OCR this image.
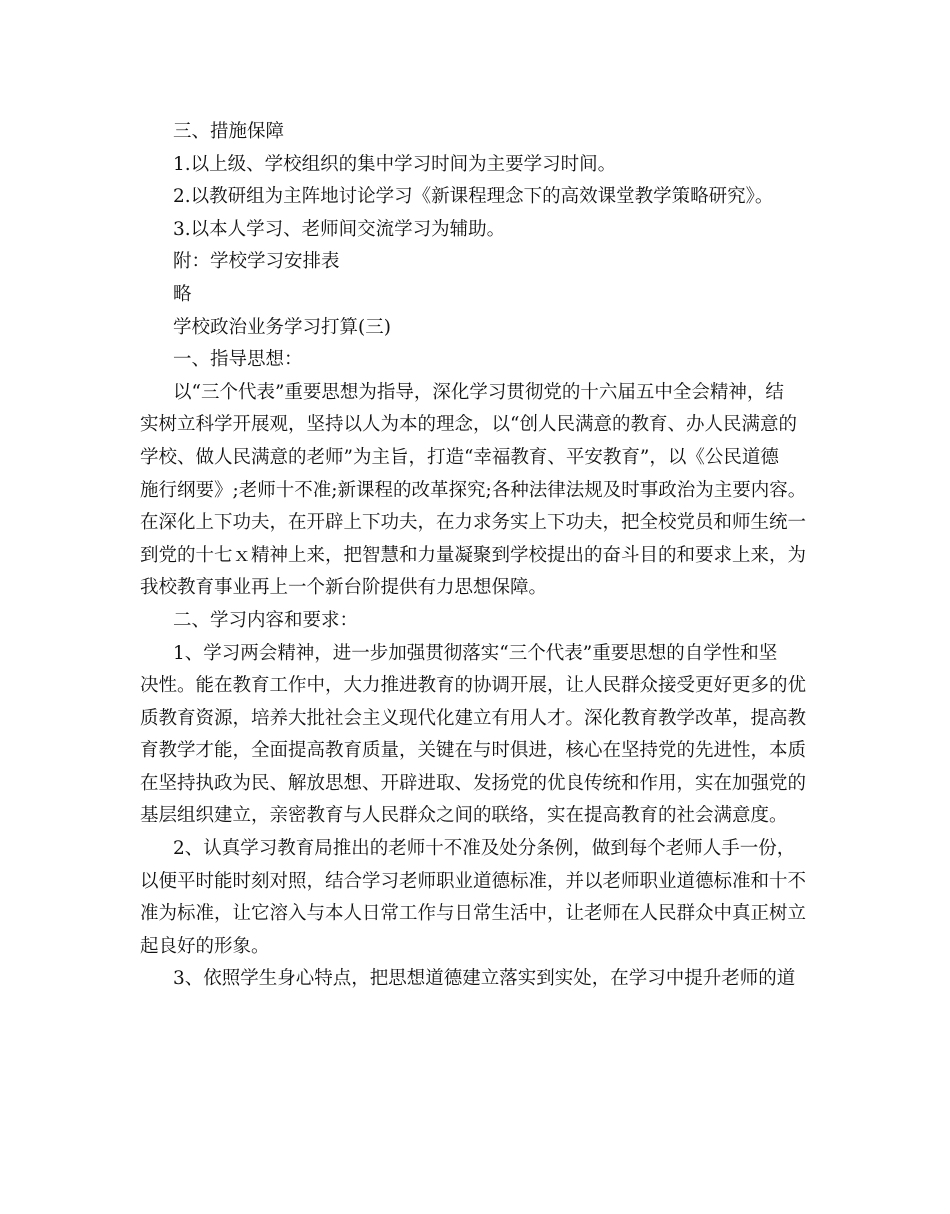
三、措施保障
1.以上级、学校组织的集中学习时间为主要学习时间。
2.以教研组为主阵地讨论学习《新课程理念下的高效课堂教学策略研究》。
3.以本人学习、老师间交流学习为辅助。
附：学校学习安排表
略
学校政治业务学习打算(三)
一、指导思想：
以“三个代表”重要思想为指导，深化学习贯彻党的十六届五中全会精神，结
实树立科学开展观，坚持以人为本的理念，以“创人民满意的教育、办人民满意的
学校、做人民满意的老师”为主旨，打造“幸福教育、平安教育”，以《公民道德
施行纲要》;老师十不准;新课程的改革探究;各种法律法规及时事政治为主要内容。
在深化上下功夫，在开辟上下功夫，在力求务实上下功夫，把全校党员和师生统一
到党的十七ｘ精神上来，把智慧和力量凝聚到学校提出的奋斗目的和要求上来，为
我校教育事业再上一个新台阶提供有力思想保障。
二、学习内容和要求：
1、学习两会精神，进一步加强贯彻落实“三个代表”重要思想的自学性和坚
决性。能在教育工作中，大力推进教育的协调开展，让人民群众接受更好更多的优
质教育资源，培养大批社会主义现代化建立有用人才。深化教育教学改革，提高教
育教学才能，全面提高教育质量，关键在与时俱进，核心在坚持党的先进性，本质
在坚持执政为民、解放思想、开辟进取、发扬党的优良传统和作用，实在加强党的
基层组织建立，亲密教育与人民群众之间的联络，实在提高教育的社会满意度。
2、认真学习教育局推出的老师十不准及处分条例，做到每个老师人手一份，
以便平时能时刻对照，结合学习老师职业道德标准，并以老师职业道德标准和十不
准为标准，让它溶入与本人日常工作与日常生活中，让老师在人民群众中真正树立
起良好的形象。
3、依照学生身心特点，把思想道德建立落实到实处，在学习中提升老师的道
